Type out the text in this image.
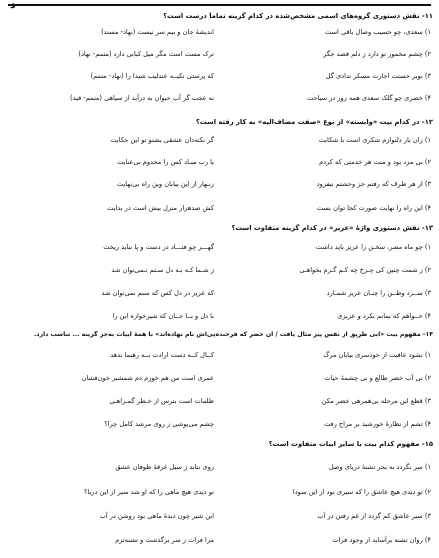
ﺩ
۱۱- نقش دستوری گروه‌های اسمی مشخص‌شده در کدام گزینه تماماً درست است؟
۱) سعدی، چو حسیب وصال باقی است
اندیشهٔ جان و بیم سر نیست (نهاد- مسند)
۲) چشم مخمور تو دارد ز دلم قصد جگر
ترک مست است مگر میل کبابی دارد (متمم- نهاد)
۳) نوبر حسنت اجازت مسکر ندادی گل
که پرستی تکیــه عندلیب شیدا را (نهاد- متمم)
۴) خضری چو گلک سعدی همه روز در سیاحت
نه عجب گر آب حیوان به درآید از سیاهی (متمم- قید)
۱۲- در کدام بیت «وابسته» از نوع «صفت مضاف‌الیه» به کار رفته است؟
۱) زان بار دلنوازم شکری است با شکایت
گر نکته‌دان عشقی بشنو تو این حکایت
۲) بی مزد بود و منت هر خدمتی که کردم
یا رب مبـاد کس را مخدوم بی‌عنایت
۳) از هر طرف که رفتم جز وحشتم نیفزود
زنـهار از این بیابان وین راه بی‌نهایت
۴) این راه را نهایت صورت کجا توان بست
کش صدهزار منزل بیش است در بدایت
۱۳- نقش دستوری واژهٔ «عزیز» در کدام گزینه متفاوت است؟
۱) چو ماه مصر، سخـن را عزیز باید داشت
گهـــر چو فتـــاد در دست و پا نباید ریخت
۲) ز شمت چنین کی چـرخ چه کـم گـرم بخواهـی
ز شـما کـه بـه دل سـتم نـمی‌توان شد
۳) ســرد وطــن را چنـان عزیز شمـارد
که عزیز در دل کس که سنم نمی‌توان شد
۴) خــواهم که بمانم بکرد و عزیزی
با دل و بــا جــان که شیرخواره این را
۱۴- مفهوم بیت «آبی طریق از نفس پیر مثال یافت / آن خضر که فرخنده‌پی‌اش نام نهاده‌اند» با همهٔ ابیات به‌جز گزینه ... تناسب دارد.
۱) نشود عاقبت از خودسری بیابان مرگ
کــال کــه دست ارادت بــه رهنما ندهد
۲) نی آب خضر طالع و نی چشمهٔ حیات
عمری است من هم خورم دم شمشیر خون‌فشان
۳) قطع این مرحله بی‌همرهی خضر مکن
ظلمات است بترس از خـطر گمـراهـی
۴) تشم از نظارهٔ خورشید بر مراج رفت
چشم می‌پوشی ز روی مرشد کامل چرا؟
۱۵- مفهوم کدام بیت با سایر ابیات متفاوت است؟
۱) سر نگردد به بحر تشنهٔ دریای وصل
روی نتابد ز سیل غرقهٔ طوفان عشق
۲) تو دیدی هیچ عاشق را که سیری بود از این سودا
تو دیدی هیچ ماهی را که او شد سیر از این دریا؟
۳) سیر عاشق کم گردد از غم رفتن در آب
این شیر چون دیدهٔ ماهی بود روشن در آب
۴) روان تشنه برآساید از وجود فرات
مرا فرات ز سر برگذشت و تشنه‌ترم
